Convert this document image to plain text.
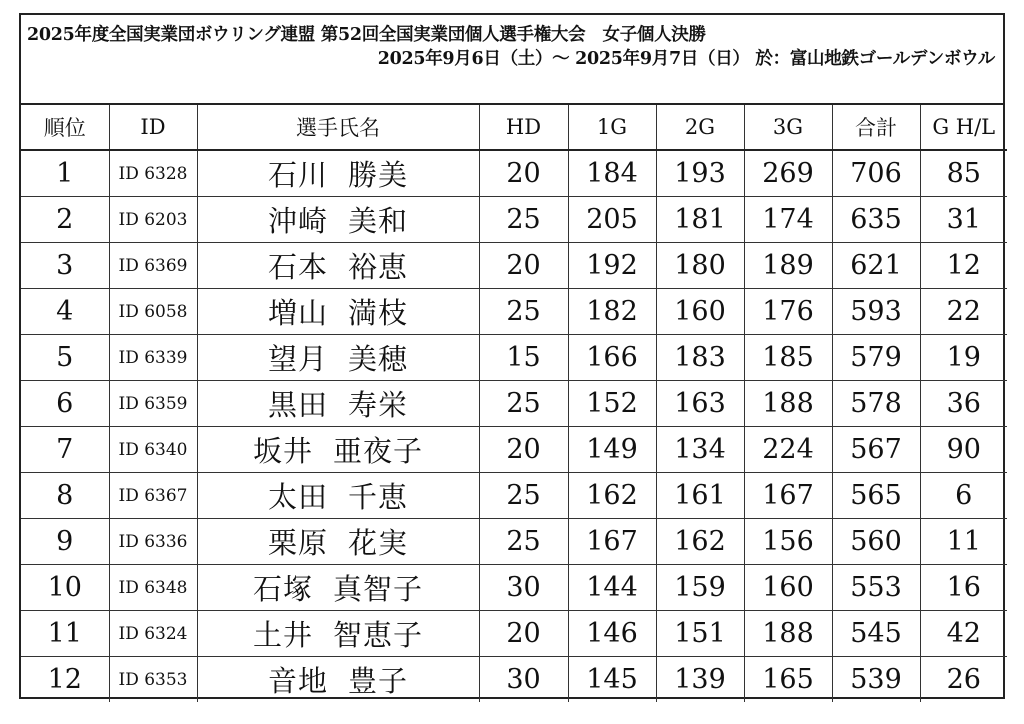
2025年度全国実業団ボウリング連盟 第52回全国実業団個人選手権大会　女子個人決勝
2025年9月6日（土）～ 2025年9月7日（日） 於：富山地鉄ゴールデンボウル
順位	ID	選手氏名	HD	1G	2G	3G	合計	G H/L
1	ID 6328	石川 勝美	20	184	193	269	706	85
2	ID 6203	沖崎 美和	25	205	181	174	635	31
3	ID 6369	石本 裕恵	20	192	180	189	621	12
4	ID 6058	増山 満枝	25	182	160	176	593	22
5	ID 6339	望月 美穂	15	166	183	185	579	19
6	ID 6359	黒田 寿栄	25	152	163	188	578	36
7	ID 6340	坂井 亜夜子	20	149	134	224	567	90
8	ID 6367	太田 千恵	25	162	161	167	565	6
9	ID 6336	栗原 花実	25	167	162	156	560	11
10	ID 6348	石塚 真智子	30	144	159	160	553	16
11	ID 6324	土井 智恵子	20	146	151	188	545	42
12	ID 6353	音地 豊子	30	145	139	165	539	26
